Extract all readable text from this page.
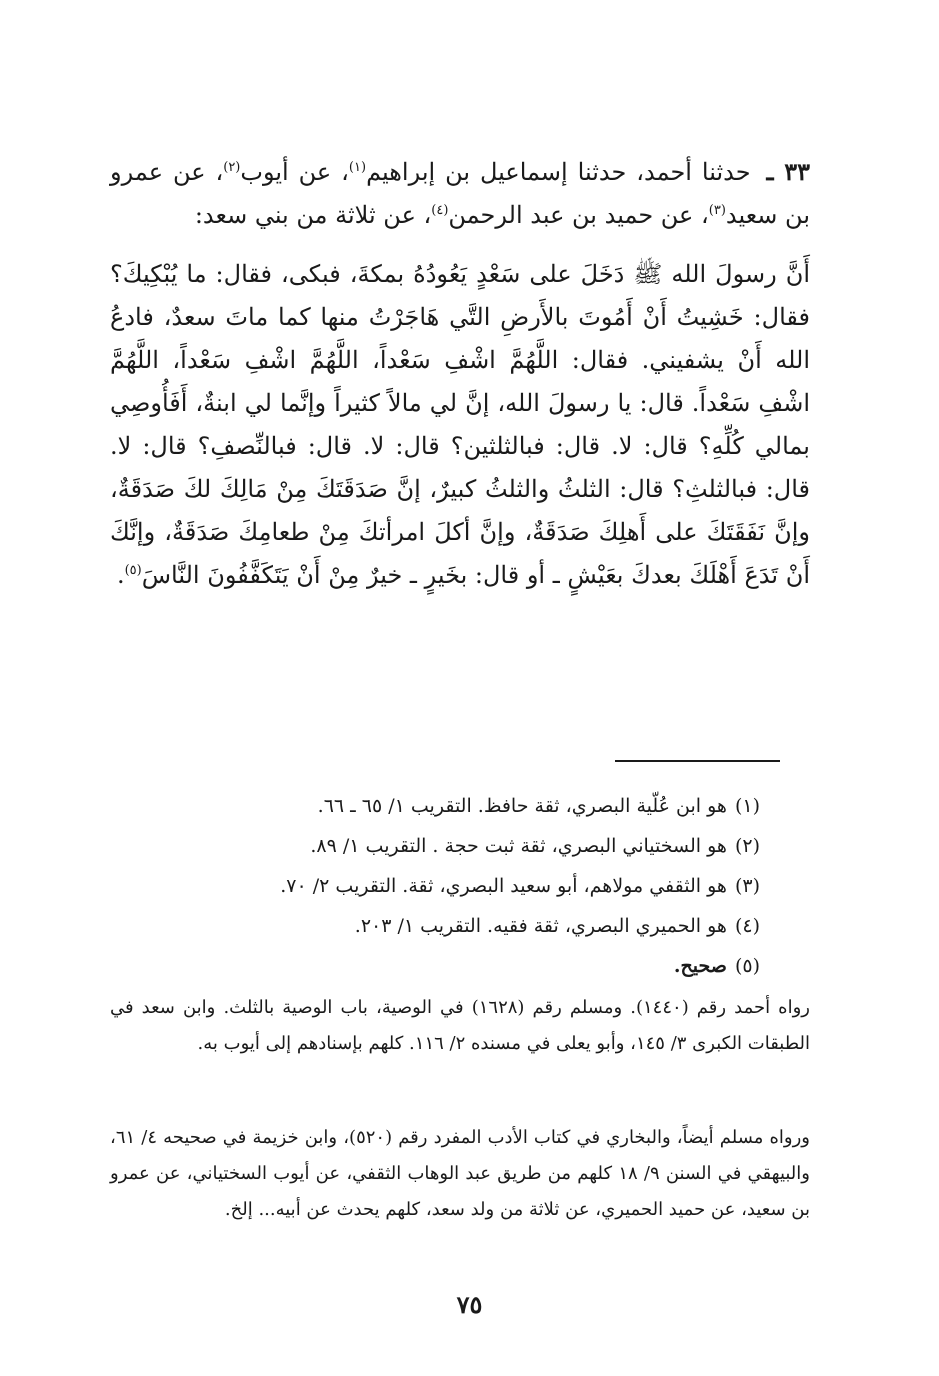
٣٣ ـ حدثنا أحمد، حدثنا إسماعيل بن إبراهيم$^{(١)}$، عن أيوب$^{(٢)}$، عن عمرو بن سعيد$^{(٣)}$، عن حميد بن عبد الرحمن$^{(٤)}$، عن ثلاثة من بني سعد:

أَنَّ رسولَ الله ﷺ دَخَلَ على سَعْدٍ يَعُودُهُ بمكةَ، فبكى، فقال: ما يُبْكِيكَ؟ فقال: خَشِيتُ أَنْ أَمُوتَ بالأَرضِ التَّي هَاجَرْتُ منها كما ماتَ سعدٌ، فادعُ الله أَنْ يشفيني. فقال: اللَّهُمَّ اشْفِ سَعْداً، اللَّهُمَّ اشْفِ سَعْداً، اللَّهُمَّ اشْفِ سَعْداً. قال: يا رسولَ الله، إنَّ لي مالاً كثيراً وإنَّما لي ابنةٌ، أَفَأُوصِي بمالي كُلِّهِ؟ قال: لا. قال: فبالثلثين؟ قال: لا. قال: فبالنِّصفِ؟ قال: لا. قال: فبالثلثِ؟ قال: الثلثُ والثلثُ كبيرٌ، إنَّ صَدَقَتَكَ مِنْ مَالِكَ لكَ صَدَقَةٌ، وإنَّ نَفَقَتَكَ على أَهلِكَ صَدَقَةٌ، وإنَّ أكلَ امرأتكَ مِنْ طعامِكَ صَدَقَةٌ، وإنَّكَ أَنْ تَدَعَ أَهْلَكَ بعدكَ بعَيْشٍ ـ أو قال: بخَيرٍ ـ خيرٌ مِنْ أَنْ يَتَكَفَّفُونَ النَّاسَ$^{(٥)}$.

(١)هو ابن عُلّية البصري، ثقة حافظ. التقريب ١/ ٦٥ ـ ٦٦.
(٢)هو السختياني البصري، ثقة ثبت حجة . التقريب ١/ ٨٩.
(٣)هو الثقفي مولاهم، أبو سعيد البصري، ثقة. التقريب ٢/ ٧٠.
(٤)هو الحميري البصري، ثقة فقيه. التقريب ١/ ٢٠٣.
(٥)صحيح.

رواه أحمد رقم (١٤٤٠). ومسلم رقم (١٦٢٨) في الوصية، باب الوصية بالثلث. وابن سعد في الطبقات الكبرى ٣/ ١٤٥، وأبو يعلى في مسنده ٢/ ١١٦. كلهم بإسنادهم إلى أيوب به.

ورواه مسلم أيضاً، والبخاري في كتاب الأدب المفرد رقم (٥٢٠)، وابن خزيمة في صحيحه ٤/ ٦١، والبيهقي في السنن ٩/ ١٨ كلهم من طريق عبد الوهاب الثقفي، عن أيوب السختياني، عن عمرو بن سعيد، عن حميد الحميري، عن ثلاثة من ولد سعد، كلهم يحدث عن أبيه... إلخ.

٧٥
